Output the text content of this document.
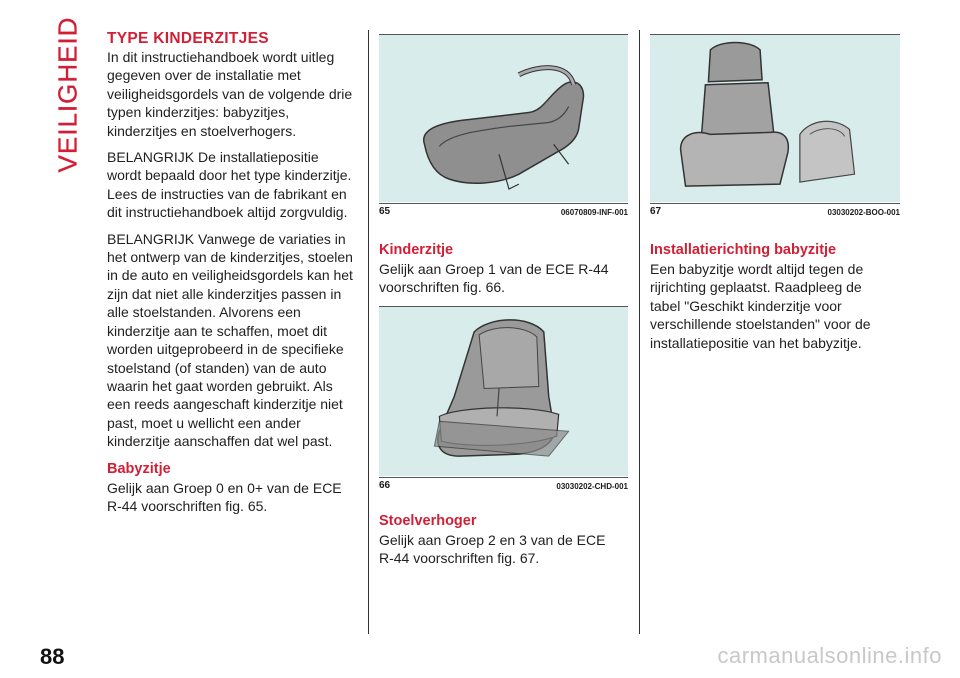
VEILIGHEID TYPE KINDERZITJES

In dit instructiehandboek wordt uitleg gegeven over de installatie met veiligheidsgordels van de volgende drie typen kinderzitjes: babyzitjes, kinderzitjes en stoelverhogers.

BELANGRIJK De installatiepositie wordt bepaald door het type kinderzitje. Lees de instructies van de fabrikant en dit instructiehandboek altijd zorgvuldig.

BELANGRIJK Vanwege de variaties in het ontwerp van de kinderzitjes, stoelen in de auto en veiligheidsgordels kan het zijn dat niet alle kinderzitjes passen in alle stoelstanden. Alvorens een kinderzitje aan te schaffen, moet dit worden uitgeprobeerd in de specifieke stoelstand (of standen) van de auto waarin het gaat worden gebruikt. Als een reeds aangeschaft kinderzitje niet past, moet u wellicht een ander kinderzitje aanschaffen dat wel past.

Babyzitje

Gelijk aan Groep 0 en 0+ van de ECE R-44 voorschriften fig. 65.

65	06070809-INF-001
Kinderzitje

Gelijk aan Groep 1 van de ECE R-44 voorschriften fig. 66.

66	03030202-CHD-001
Stoelverhoger

Gelijk aan Groep 2 en 3 van de ECE R-44 voorschriften fig. 67.

67	03030202-BOO-001
Installatierichting babyzitje

Een babyzitje wordt altijd tegen de rijrichting geplaatst. Raadpleeg de tabel "Geschikt kinderzitje voor verschillende stoelstanden" voor de installatiepositie van het babyzitje.

88	carmanualsonline.info
